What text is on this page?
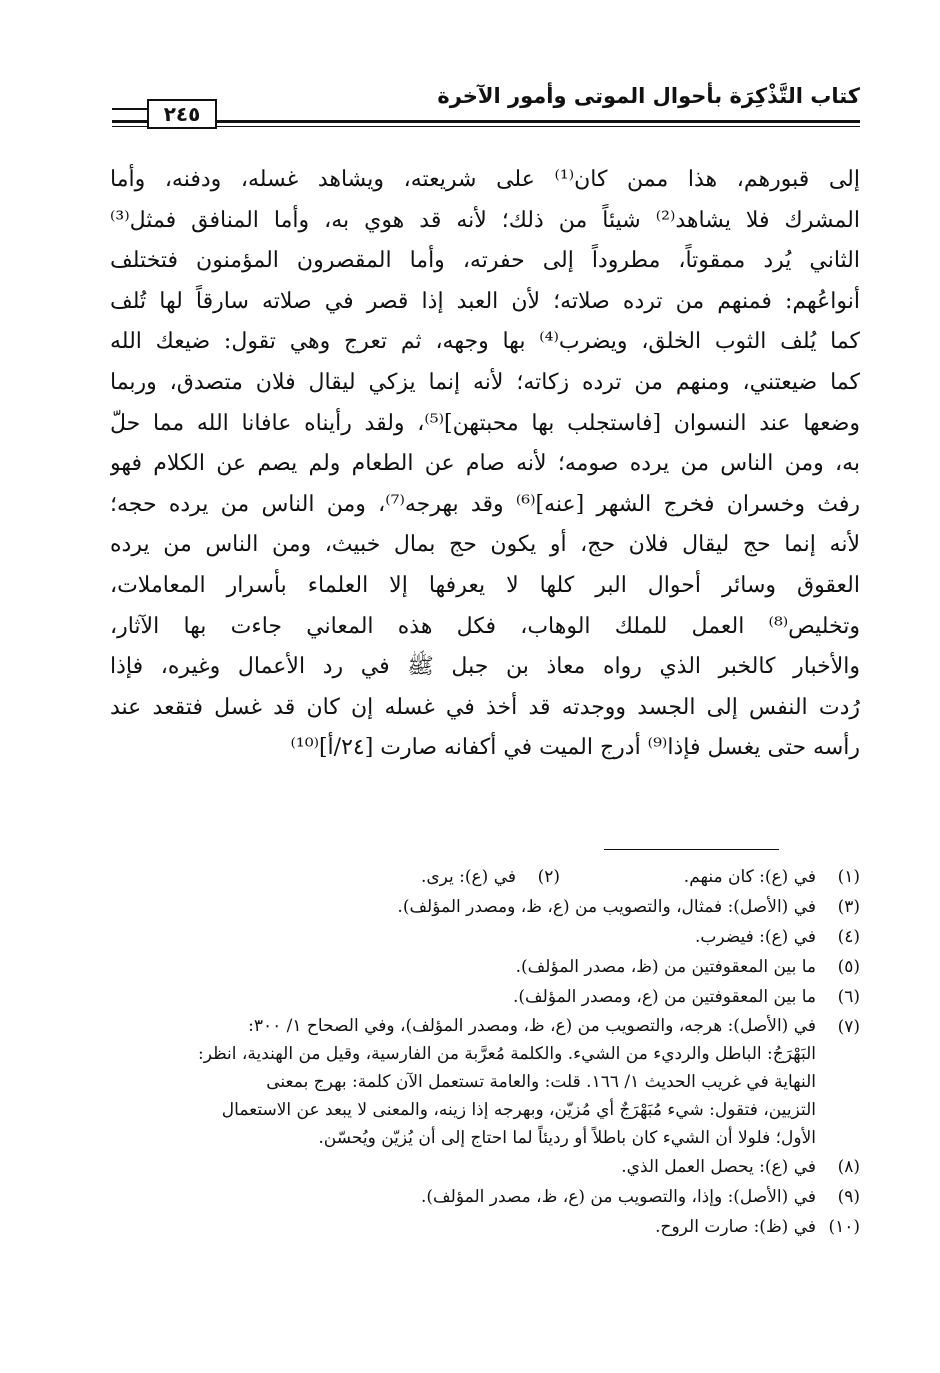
كتاب التَّذْكِرَة بأحوال الموتى وأمور الآخرة
٢٤٥
إلى قبورهم، هذا ممن كان⁽¹⁾ على شريعته، ويشاهد غسله، ودفنه، وأما
المشرك فلا يشاهد⁽²⁾ شيئاً من ذلك؛ لأنه قد هوي به، وأما المنافق فمثل⁽³⁾
الثاني يُرد ممقوتاً، مطروداً إلى حفرته، وأما المقصرون المؤمنون فتختلف
أنواعُهم: فمنهم من ترده صلاته؛ لأن العبد إذا قصر في صلاته سارقاً لها تُلف
كما يُلف الثوب الخلق، ويضرب⁽⁴⁾ بها وجهه، ثم تعرج وهي تقول: ضيعك الله
كما ضيعتني، ومنهم من ترده زكاته؛ لأنه إنما يزكي ليقال فلان متصدق، وربما
وضعها عند النسوان [فاستجلب بها محبتهن]⁽⁵⁾، ولقد رأيناه عافانا الله مما حلّ
به، ومن الناس من يرده صومه؛ لأنه صام عن الطعام ولم يصم عن الكلام فهو
رفث وخسران فخرج الشهر [عنه]⁽⁶⁾ وقد بهرجه⁽⁷⁾، ومن الناس من يرده حجه؛
لأنه إنما حج ليقال فلان حج، أو يكون حج بمال خبيث، ومن الناس من يرده
العقوق وسائر أحوال البر كلها لا يعرفها إلا العلماء بأسرار المعاملات،
وتخليص⁽⁸⁾ العمل للملك الوهاب، فكل هذه المعاني جاءت بها الآثار،
والأخبار كالخبر الذي رواه معاذ بن جبل ﷺ في رد الأعمال وغيره، فإذا
رُدت النفس إلى الجسد ووجدته قد أخذ في غسله إن كان قد غسل فتقعد عند
رأسه حتى يغسل فإذا⁽⁹⁾ أدرج الميت في أكفانه صارت [٢٤/أ]⁽¹⁰⁾
(١)
في (ع): كان منهم.
(٢)
في (ع): يرى.
(٣)
في (الأصل): فمثال، والتصويب من (ع، ظ، ومصدر المؤلف).
(٤)
في (ع): فيضرب.
(٥)
ما بين المعقوفتين من (ظ، مصدر المؤلف).
(٦)
ما بين المعقوفتين من (ع، ومصدر المؤلف).
(٧)
في (الأصل): هرجه، والتصويب من (ع، ظ، ومصدر المؤلف)، وفي الصحاح ١/ ٣٠٠:
البَهْرَجُ: الباطل والرديء من الشيء. والكلمة مُعرَّبة من الفارسية، وقيل من الهندية، انظر:
النهاية في غريب الحديث ١/ ١٦٦. قلت: والعامة تستعمل الآن كلمة: بهرج بمعنى
التزيين، فتقول: شيء مُبَهْرَجٌ أي مُزيّن، وبهرجه إذا زينه، والمعنى لا يبعد عن الاستعمال
الأول؛ فلولا أن الشيء كان باطلاً أو رديئاً لما احتاج إلى أن يُزيّن ويُحسّن.
(٨)
في (ع): يحصل العمل الذي.
(٩)
في (الأصل): وإذا، والتصويب من (ع، ظ، مصدر المؤلف).
(١٠)
في (ظ): صارت الروح.
